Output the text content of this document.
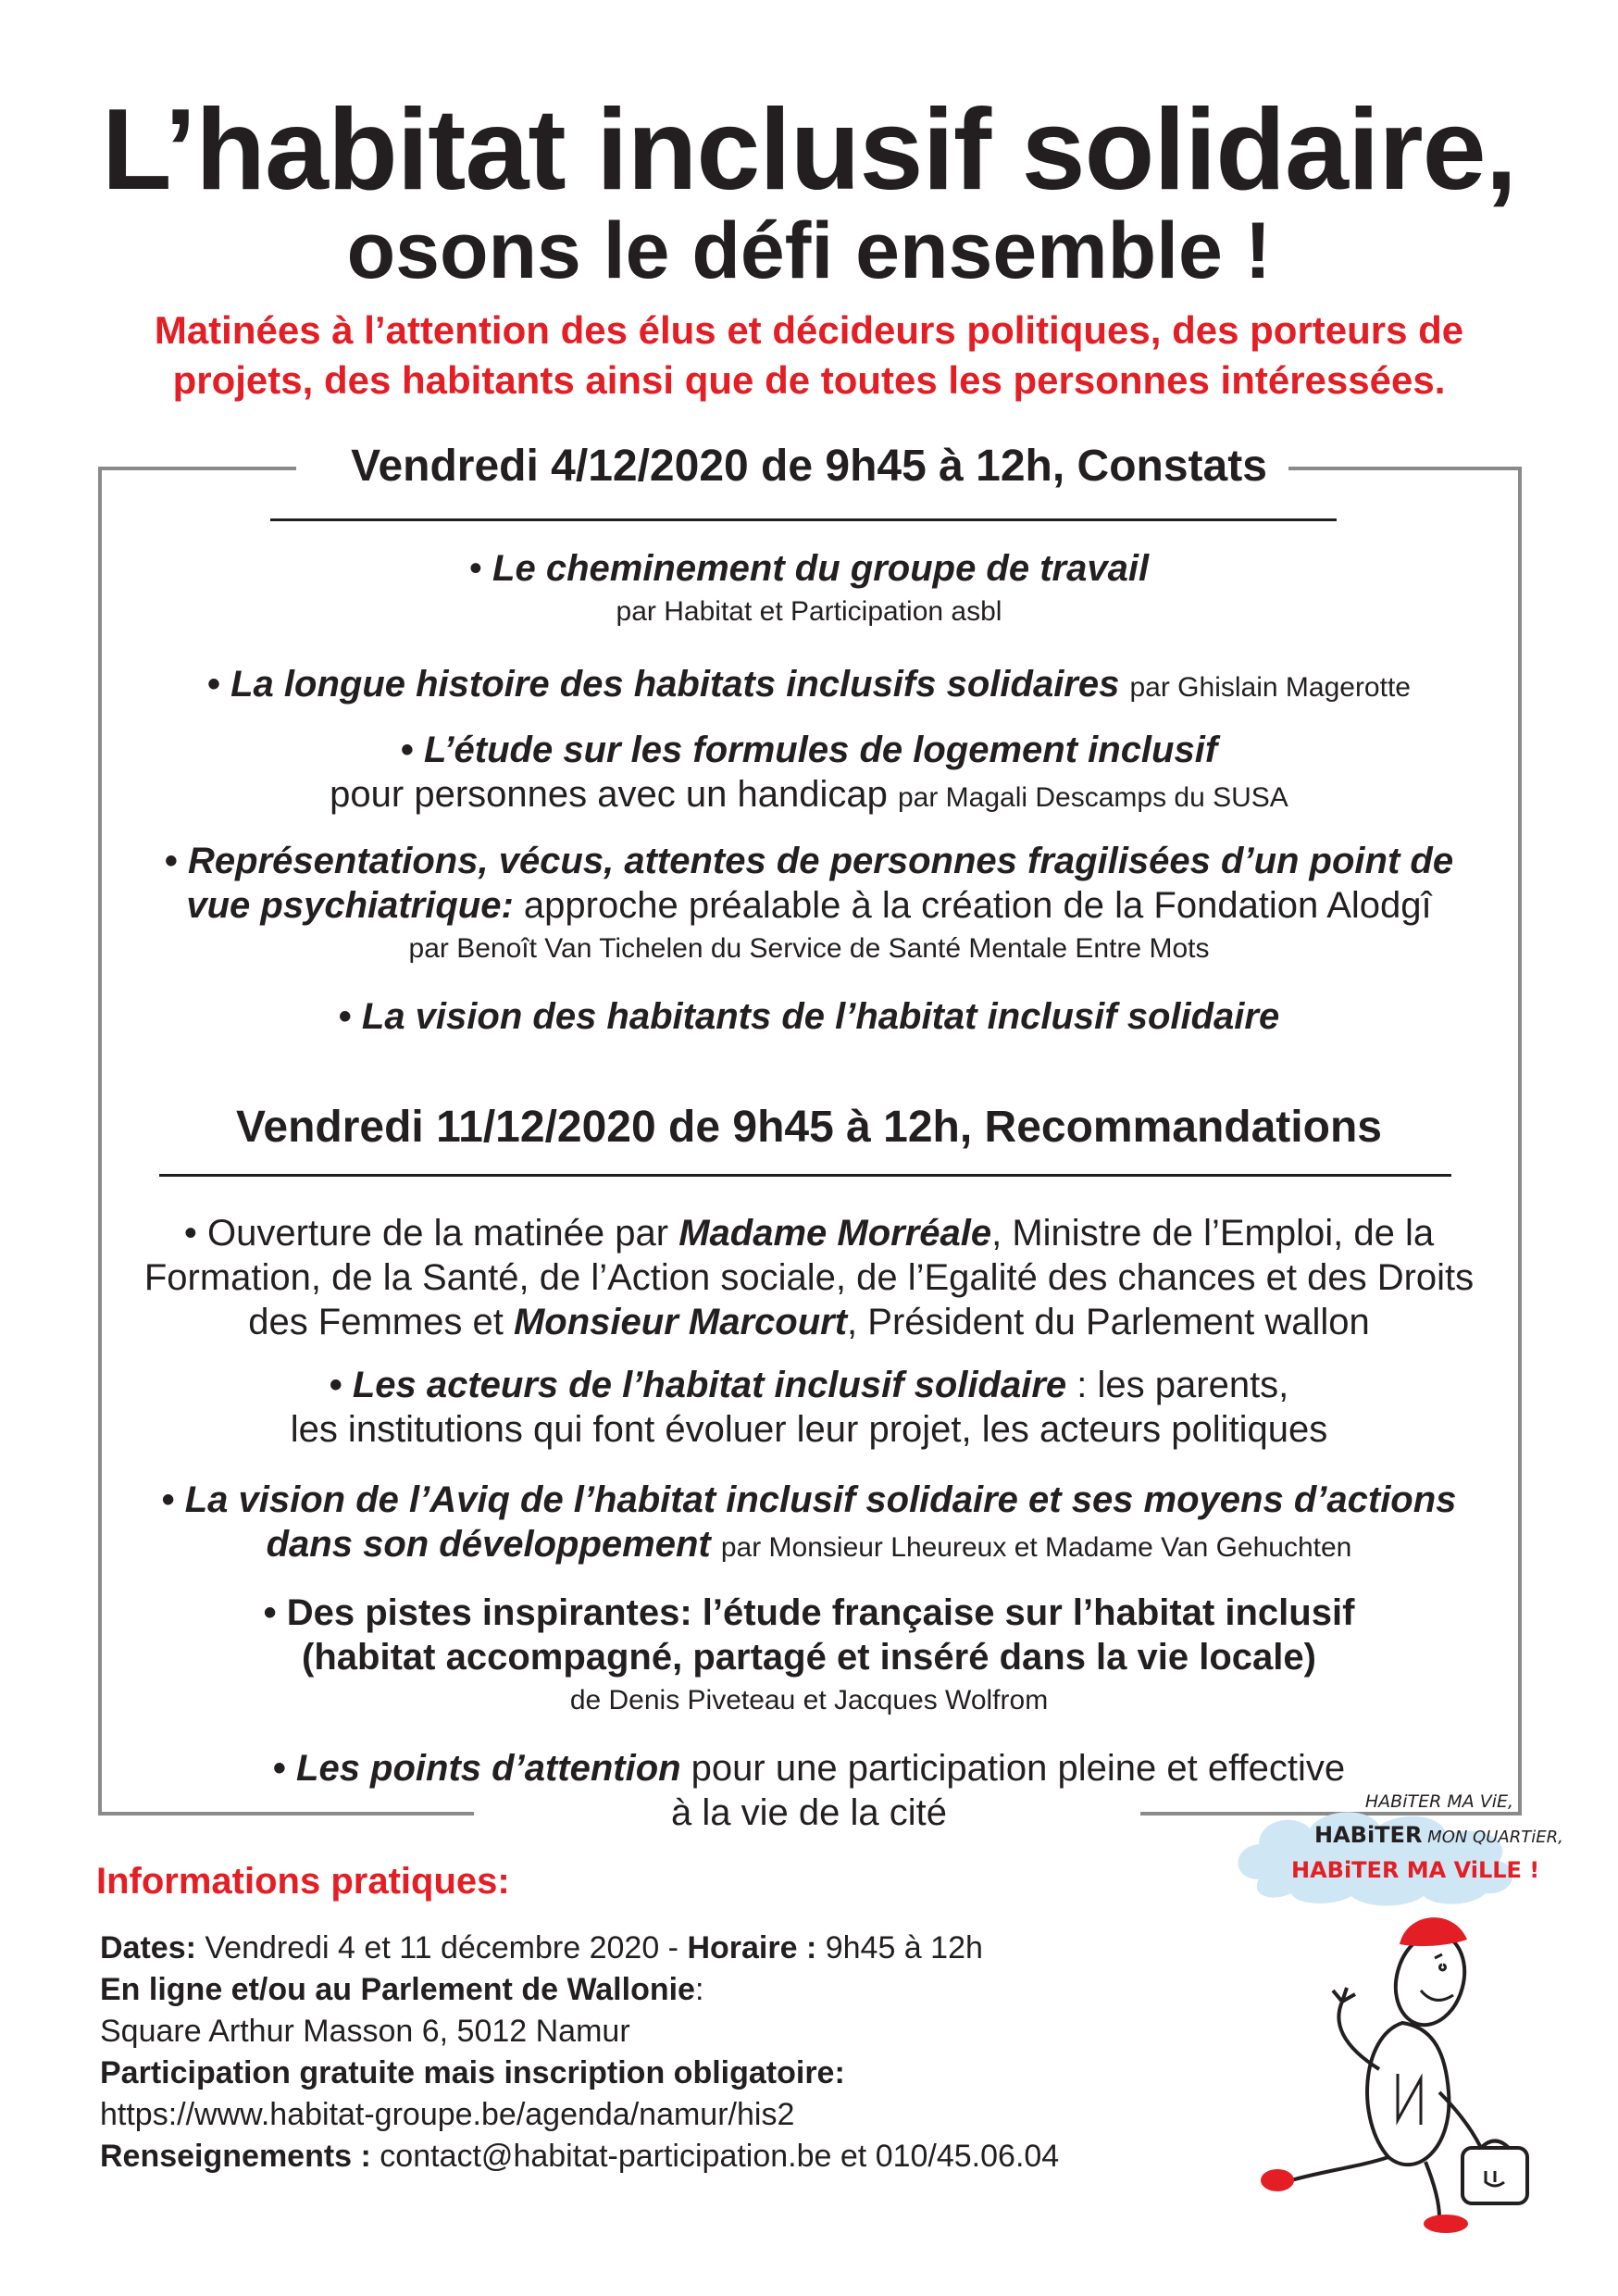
L’habitat inclusif solidaire,
osons le défi ensemble !
Matinées à l’attention des élus et décideurs politiques, des porteurs de
projets, des habitants ainsi que de toutes les personnes intéressées.
Vendredi 4/12/2020 de 9h45 à 12h, Constats
• Le cheminement du groupe de travail
par Habitat et Participation asbl
• La longue histoire des habitats inclusifs solidaires par Ghislain Magerotte
• L’étude sur les formules de logement inclusif
pour personnes avec un handicap par Magali Descamps du SUSA
• Représentations, vécus, attentes de personnes fragilisées d’un point de
vue psychiatrique: approche préalable à la création de la Fondation Alodgî
par Benoît Van Tichelen du Service de Santé Mentale Entre Mots
• La vision des habitants de l’habitat inclusif solidaire
Vendredi 11/12/2020 de 9h45 à 12h, Recommandations
• Ouverture de la matinée par Madame Morréale, Ministre de l’Emploi, de la
Formation, de la Santé, de l’Action sociale, de l’Egalité des chances et des Droits
des Femmes et Monsieur Marcourt, Président du Parlement wallon
• Les acteurs de l’habitat inclusif solidaire : les parents,
les institutions qui font évoluer leur projet, les acteurs politiques
• La vision de l’Aviq de l’habitat inclusif solidaire et ses moyens d’actions
dans son développement par Monsieur Lheureux et Madame Van Gehuchten
• Des pistes inspirantes: l’étude française sur l’habitat inclusif
(habitat accompagné, partagé et inséré dans la vie locale)
de Denis Piveteau et Jacques Wolfrom
• Les points d’attention pour une participation pleine et effective
à la vie de la cité
Informations pratiques:
Dates: Vendredi 4 et 11 décembre 2020 - Horaire : 9h45 à 12h
En ligne et/ou au Parlement de Wallonie:
Square Arthur Masson 6, 5012 Namur
Participation gratuite mais inscription obligatoire:
https://www.habitat-groupe.be/agenda/namur/his2
Renseignements : contact@habitat-participation.be et 010/45.06.04
HABiTER MA ViE,
HABiTER MON QUARTiER,
HABiTER MA ViLLE !
